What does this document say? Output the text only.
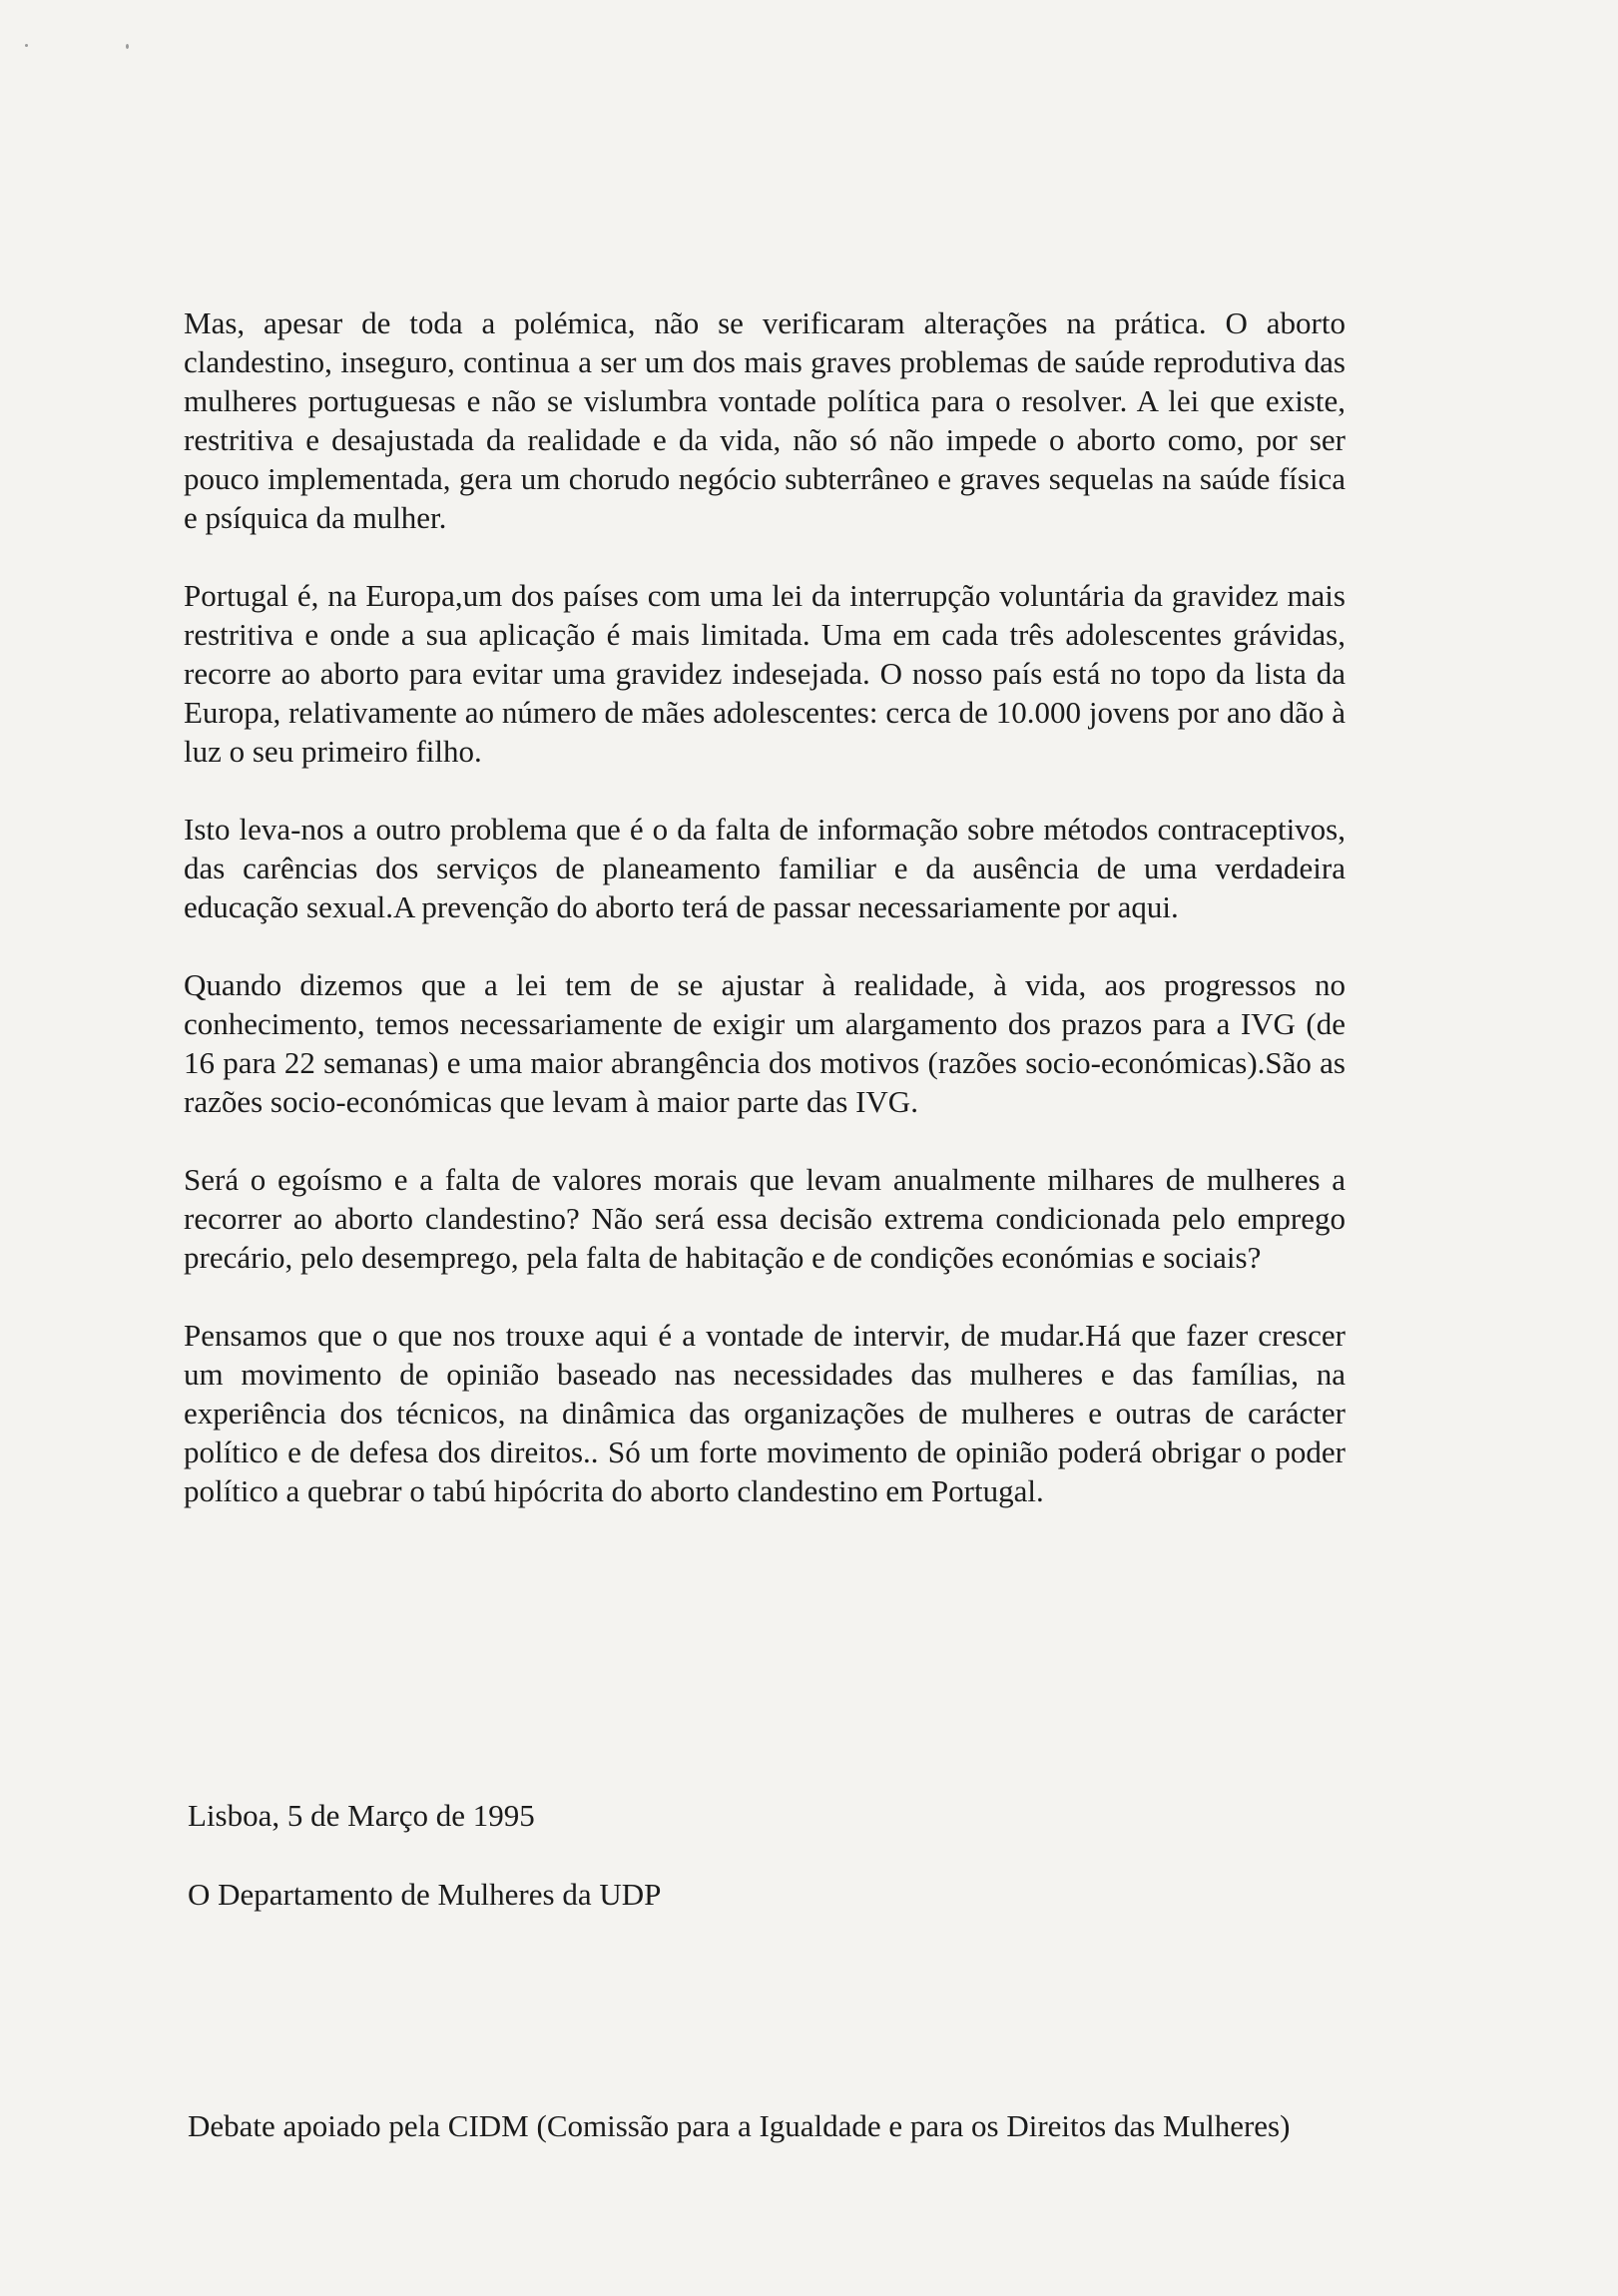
Mas, apesar de toda a polémica, não se verificaram alterações na prática. O aborto clandestino, inseguro, continua a ser um dos mais graves problemas de saúde reprodutiva das mulheres portuguesas e não se vislumbra vontade política para o resolver. A lei que existe, restritiva e desajustada da realidade e da vida, não só não impede o aborto como, por ser pouco implementada, gera um chorudo negócio subterrâneo e graves sequelas na saúde física e psíquica da mulher.

Portugal é, na Europa,um dos países com uma lei da interrupção voluntária da gravidez mais restritiva e onde a sua aplicação é mais limitada. Uma em cada três adolescentes grávidas, recorre ao aborto para evitar uma gravidez indesejada. O nosso país está no topo da lista da Europa, relativamente ao número de mães adolescentes: cerca de 10.000 jovens por ano dão à luz o seu primeiro filho.

Isto leva-nos a outro problema que é o da falta de informação sobre métodos contraceptivos, das carências dos serviços de planeamento familiar e da ausência de uma verdadeira educação sexual.A prevenção do aborto terá de passar necessariamente por aqui.

Quando dizemos que a lei tem de se ajustar à realidade, à vida, aos progressos no conhecimento, temos necessariamente de exigir um alargamento dos prazos para a IVG (de 16 para 22 semanas) e uma maior abrangência dos motivos (razões socio-económicas).São as razões socio-económicas que levam à maior parte das IVG.

Será o egoísmo e a falta de valores morais que levam anualmente milhares de mulheres a recorrer ao aborto clandestino? Não será essa decisão extrema condicionada pelo emprego precário, pelo desemprego, pela falta de habitação e de condições económias e sociais?

Pensamos que o que nos trouxe aqui é a vontade de intervir, de mudar.Há que fazer crescer um movimento de opinião baseado nas necessidades das mulheres e das famílias, na experiência dos técnicos, na dinâmica das organizações de mulheres e outras de carácter político e de defesa dos direitos.. Só um forte movimento de opinião poderá obrigar o poder político a quebrar o tabú hipócrita do aborto clandestino em Portugal.

Lisboa, 5 de Março de 1995

O Departamento de Mulheres da UDP

Debate apoiado pela CIDM (Comissão para a Igualdade e para os Direitos das Mulheres)
